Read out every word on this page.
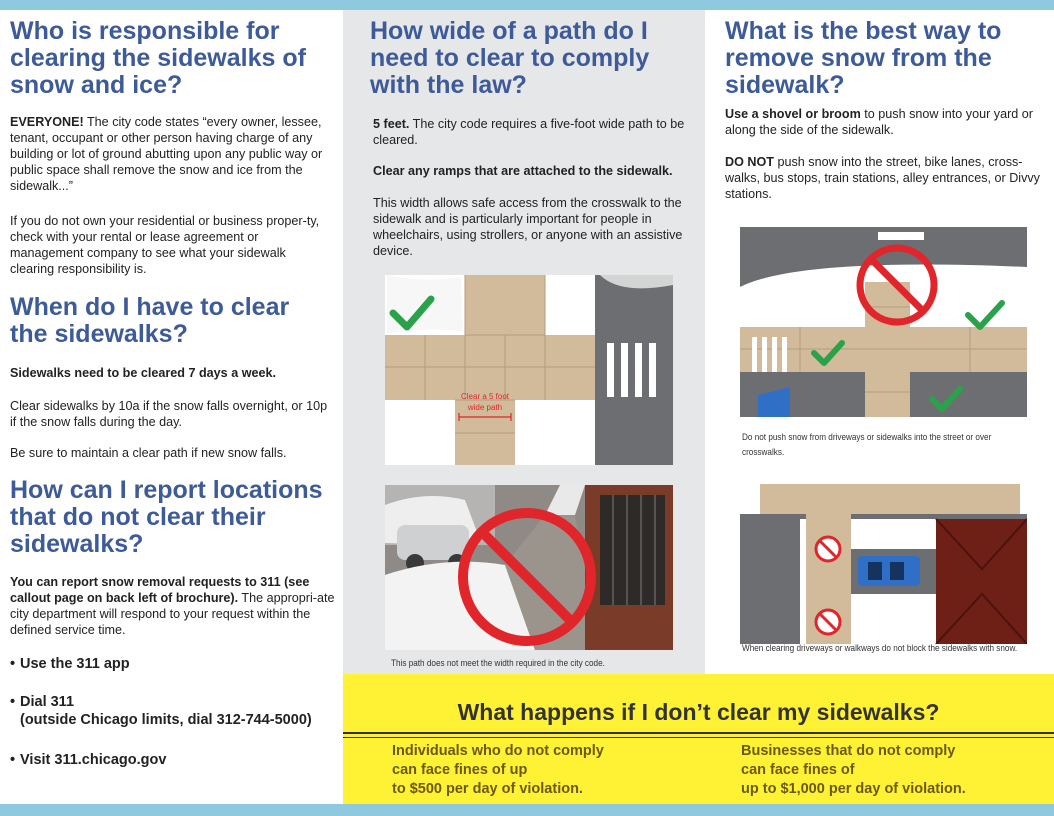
Who is responsible for
clearing the sidewalks of
snow and ice?
EVERYONE! The city code states “every owner, lessee, tenant, occupant or other person having charge of any building or lot of ground abutting upon any public way or public space shall remove the snow and ice from the sidewalk...”
If you do not own your residential or business proper-ty, check with your rental or lease agreement or management company to see what your sidewalk clearing responsibility is.
When do I have to clear
the sidewalks?
Sidewalks need to be cleared 7 days a week.
Clear sidewalks by 10a if the snow falls overnight, or 10p if the snow falls during the day.
Be sure to maintain a clear path if new snow falls.
How can I report locations
that do not clear their
sidewalks?
You can report snow removal requests to 311 (see callout page on back left of brochure). The appropri-ate city department will respond to your request within the defined service time.
• Use the 311 app
• Dial 311
(outside Chicago limits, dial 312-744-5000)
• Visit 311.chicago.gov
How wide of a path do I
need to clear to comply
with the law?
5 feet. The city code requires a five-foot wide path to be cleared.
Clear any ramps that are attached to the sidewalk.
This width allows safe access from the crosswalk to the sidewalk and is particularly important for people in wheelchairs, using strollers, or anyone with an assistive device.
Clear a 5 foot
wide path
This path does not meet the width required in the city code.
What is the best way to
remove snow from the
sidewalk?
Use a shovel or broom to push snow into your yard or along the side of the sidewalk.
DO NOT push snow into the street, bike lanes, cross-walks, bus stops, train stations, alley entrances, or Divvy stations.
Do not push snow from driveways or sidewalks into the street or over crosswalks.
When clearing driveways or walkways do not block the sidewalks with snow.
What happens if I don’t clear my sidewalks?
Individuals who do not comply
can face fines of up
to $500 per day of violation.
Businesses that do not comply
can face fines of
up to $1,000 per day of violation.
